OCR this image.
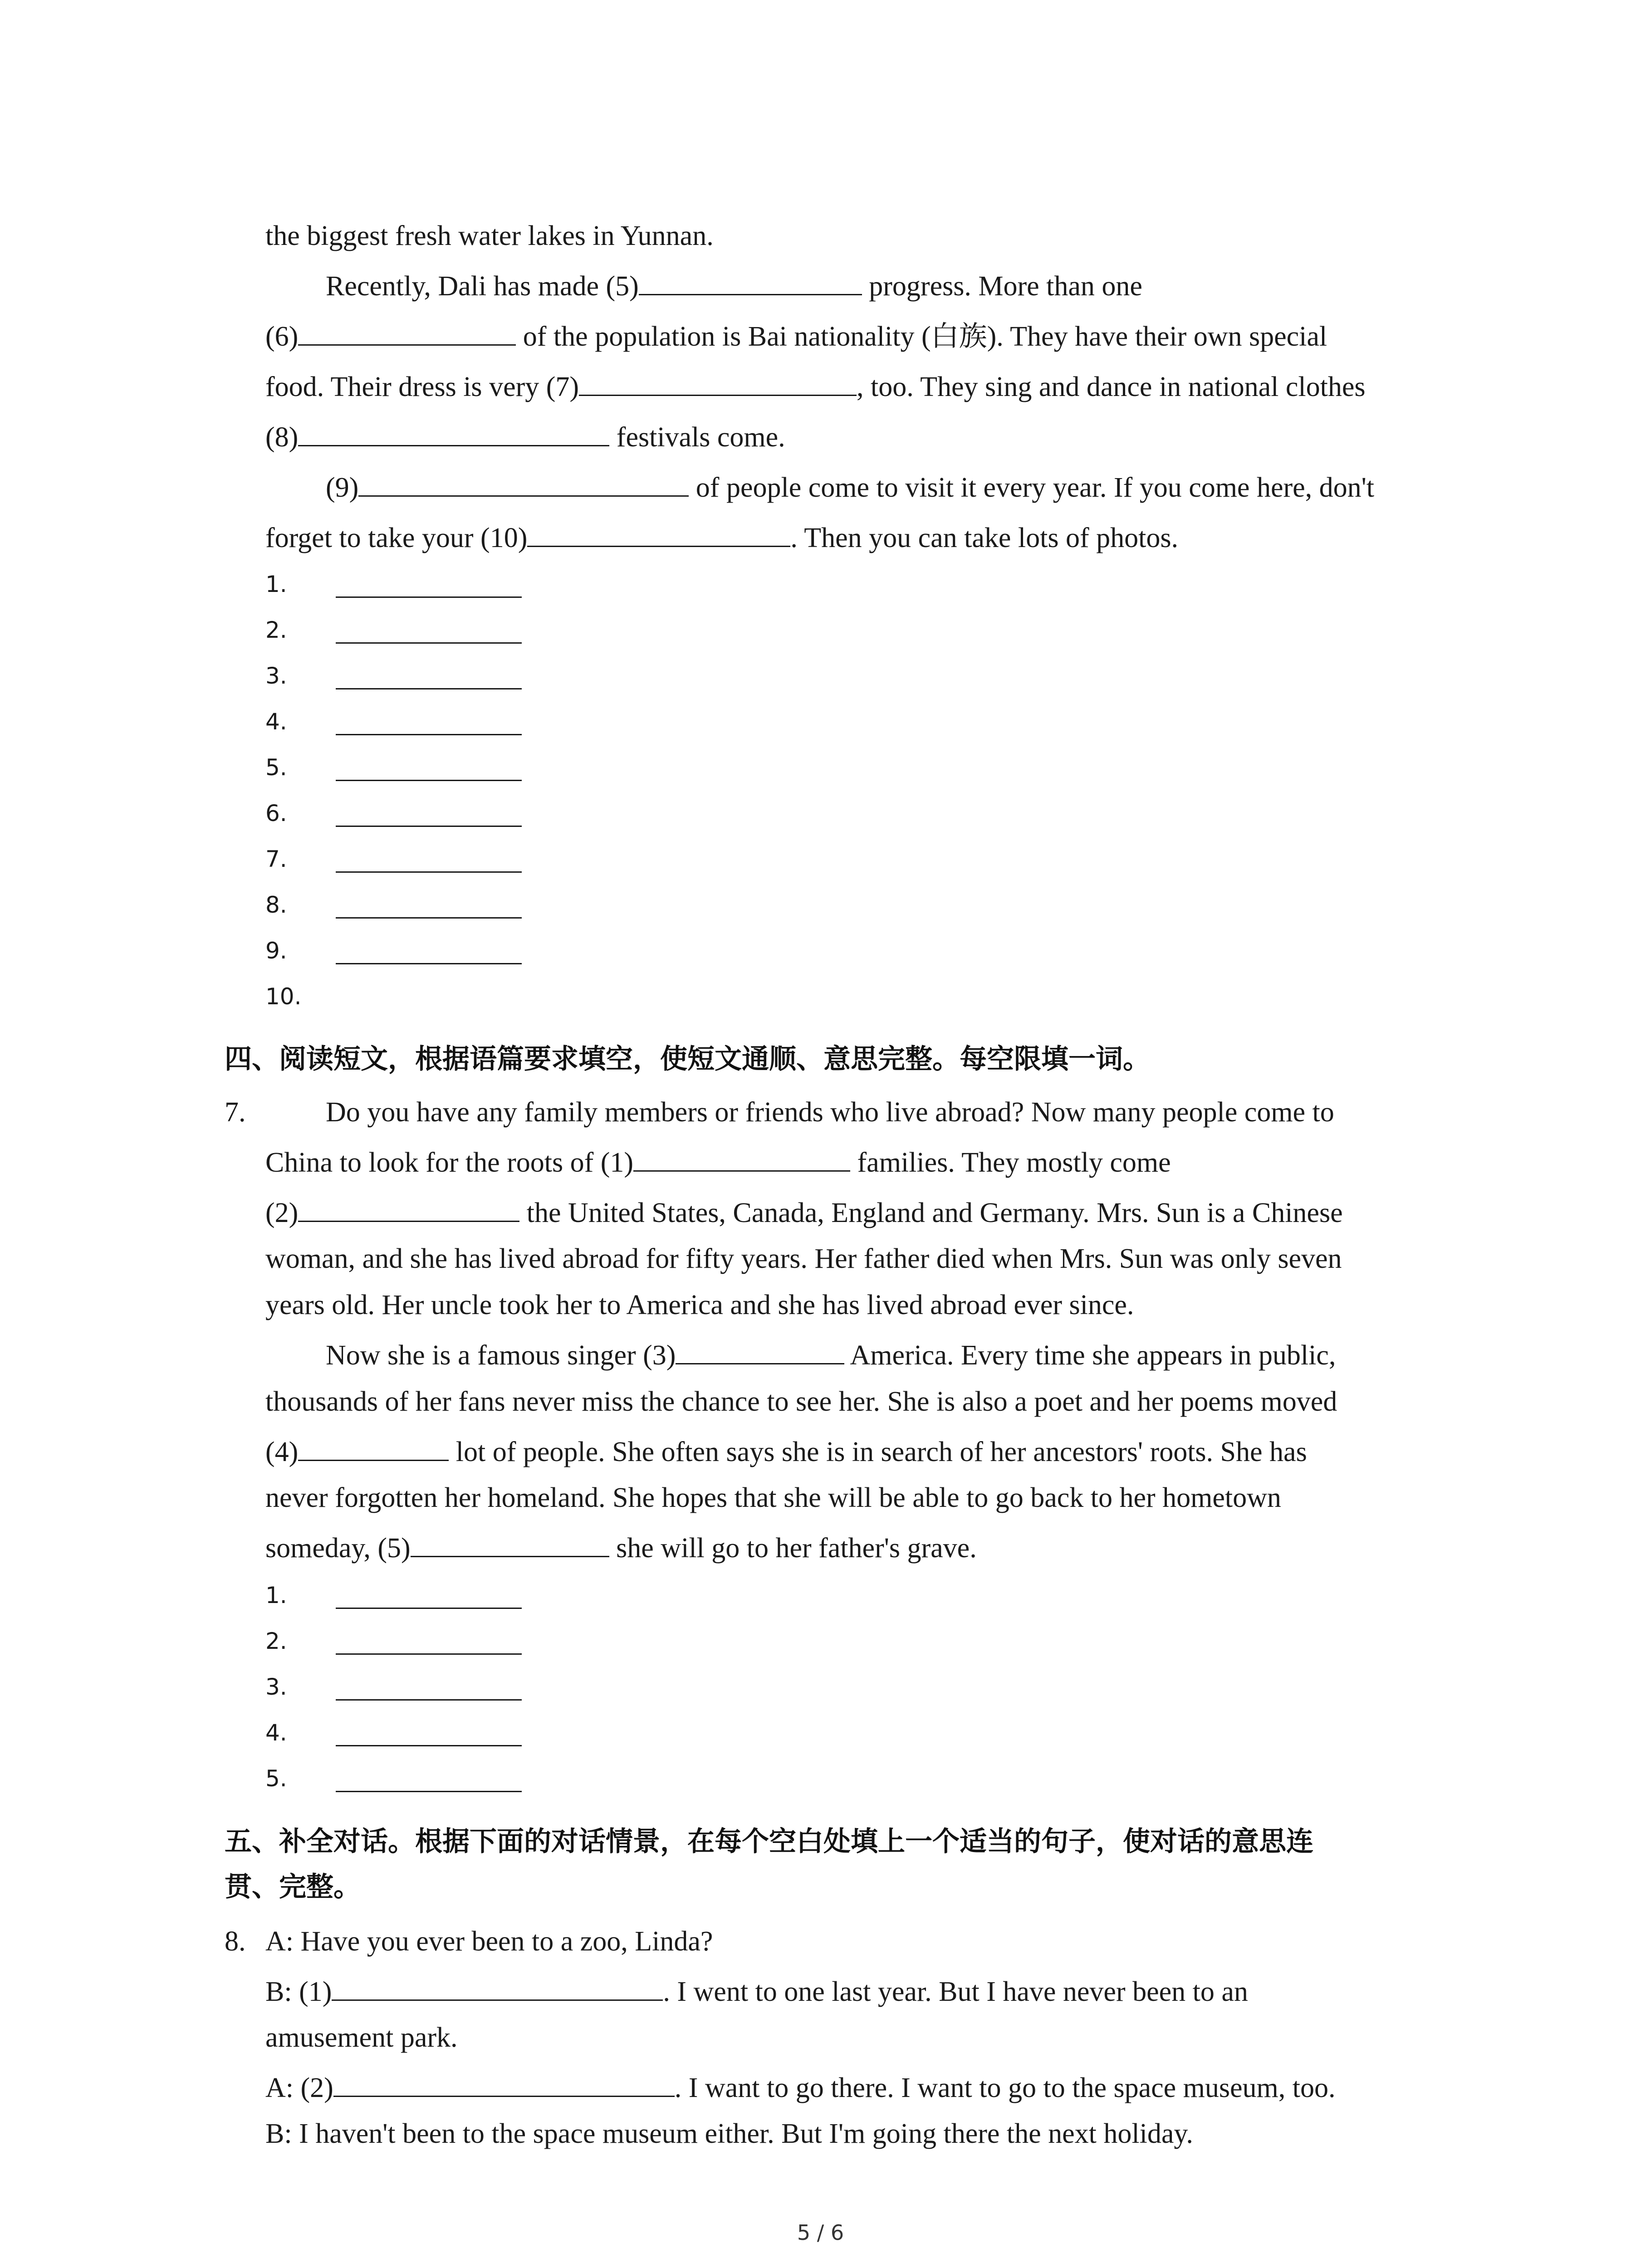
the biggest fresh water lakes in Yunnan.
Recently, Dali has made (5)	progress. More than one
(6)	of the population is Bai nationality (白族). They have their own special
food. Their dress is very (7)	, too. They sing and dance in national clothes
(8)	festivals come.
(9)	of people come to visit it every year. If you come here, don't
forget to take your (10)	. Then you can take lots of photos.
1.
2.
3.
4.
5.
6.
7.
8.
9.
10.
四、阅读短文，根据语篇要求填空，使短文通顺、意思完整。每空限填一词。
7.	Do you have any family members or friends who live abroad? Now many people come to
China to look for the roots of (1)	families. They mostly come
(2)	the United States, Canada, England and Germany. Mrs. Sun is a Chinese
woman, and she has lived abroad for fifty years. Her father died when Mrs. Sun was only seven
years old. Her uncle took her to America and she has lived abroad ever since.
Now she is a famous singer (3)	America. Every time she appears in public,
thousands of her fans never miss the chance to see her. She is also a poet and her poems moved
(4)	lot of people. She often says she is in search of her ancestors' roots. She has
never forgotten her homeland. She hopes that she will be able to go back to her hometown
someday, (5)	she will go to her father's grave.
1.
2.
3.
4.
5.
五、补全对话。根据下面的对话情景，在每个空白处填上一个适当的句子，使对话的意思连
贯、完整。
8. A: Have you ever been to a zoo, Linda?
B: (1)	. I went to one last year. But I have never been to an
amusement park.
A: (2)	. I want to go there. I want to go to the space museum, too.
B: I haven't been to the space museum either. But I'm going there the next holiday.
5 / 6
